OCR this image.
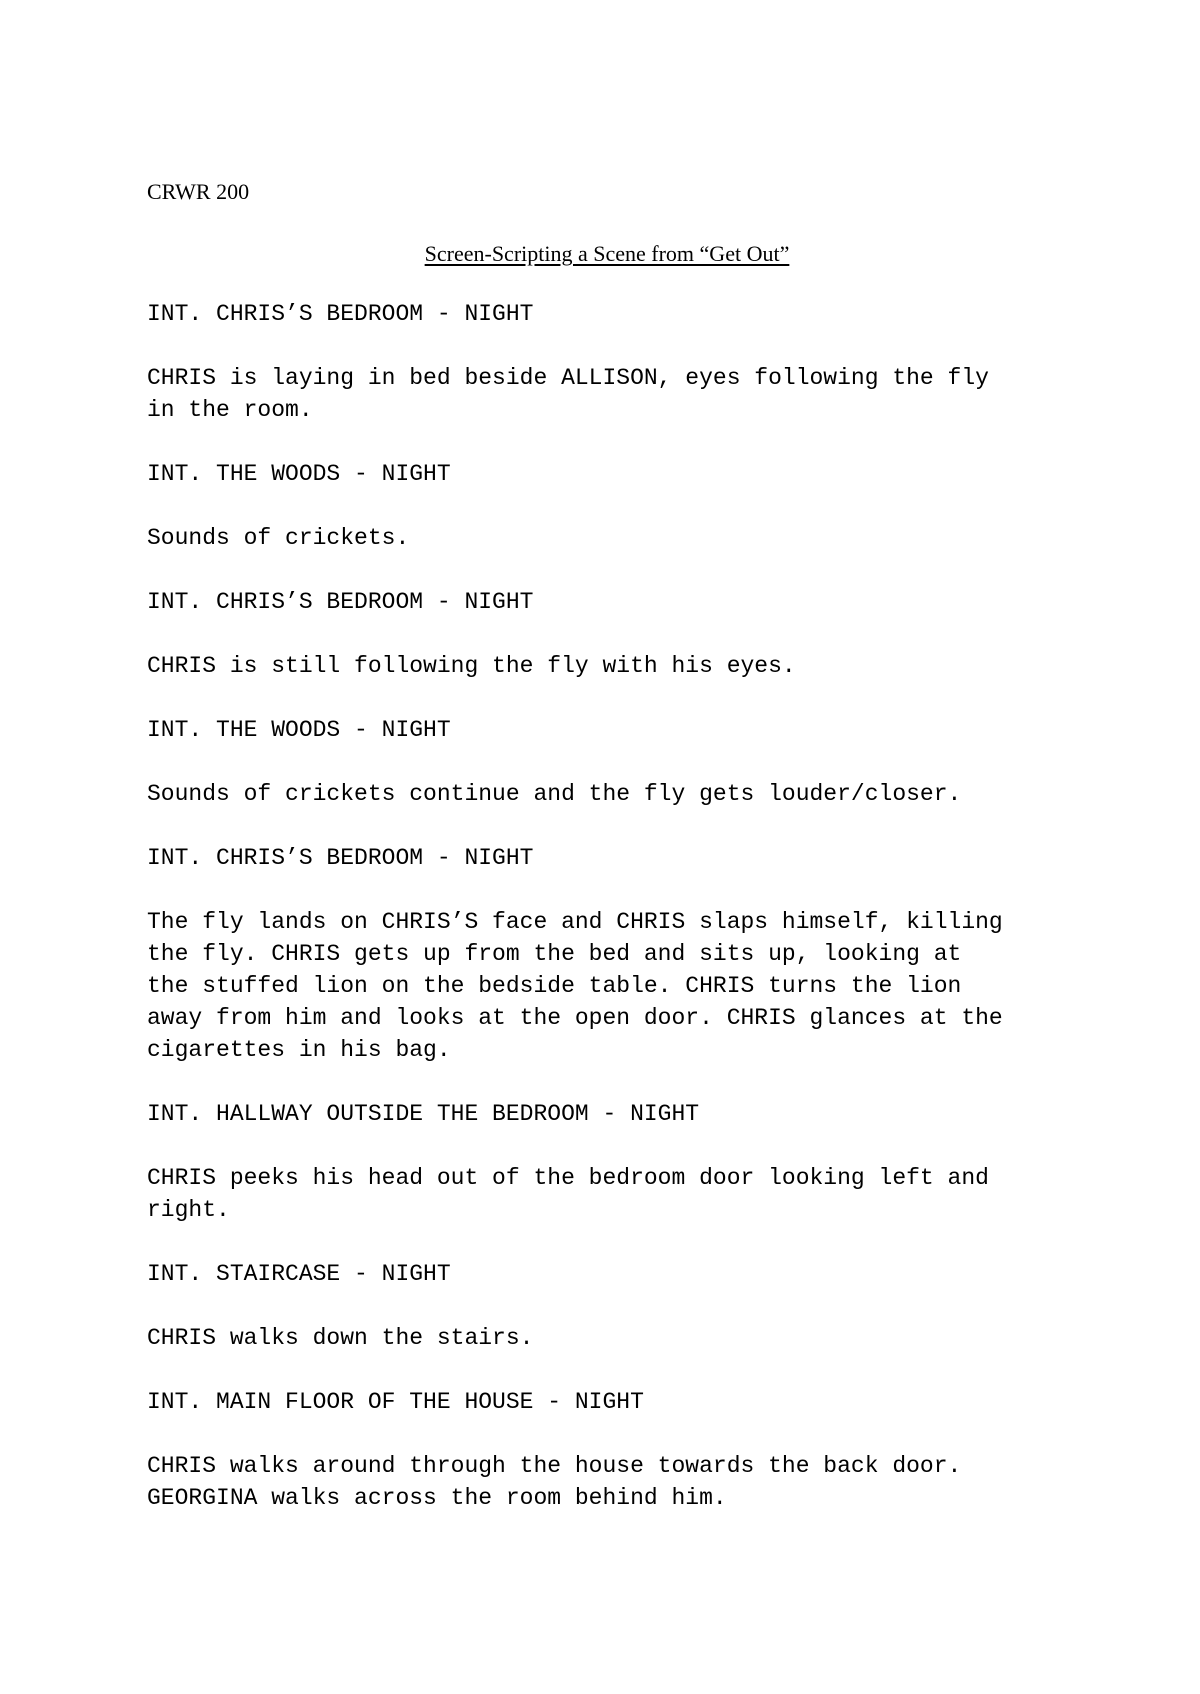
CRWR 200

Screen-Scripting a Scene from “Get Out”

INT. CHRIS’S BEDROOM - NIGHT

CHRIS is laying in bed beside ALLISON, eyes following the fly
in the room.

INT. THE WOODS - NIGHT

Sounds of crickets.

INT. CHRIS’S BEDROOM - NIGHT

CHRIS is still following the fly with his eyes.

INT. THE WOODS - NIGHT

Sounds of crickets continue and the fly gets louder/closer.

INT. CHRIS’S BEDROOM - NIGHT

The fly lands on CHRIS’S face and CHRIS slaps himself, killing
the fly. CHRIS gets up from the bed and sits up, looking at
the stuffed lion on the bedside table. CHRIS turns the lion
away from him and looks at the open door. CHRIS glances at the
cigarettes in his bag.

INT. HALLWAY OUTSIDE THE BEDROOM - NIGHT

CHRIS peeks his head out of the bedroom door looking left and
right.

INT. STAIRCASE - NIGHT

CHRIS walks down the stairs.

INT. MAIN FLOOR OF THE HOUSE - NIGHT

CHRIS walks around through the house towards the back door.
GEORGINA walks across the room behind him.
